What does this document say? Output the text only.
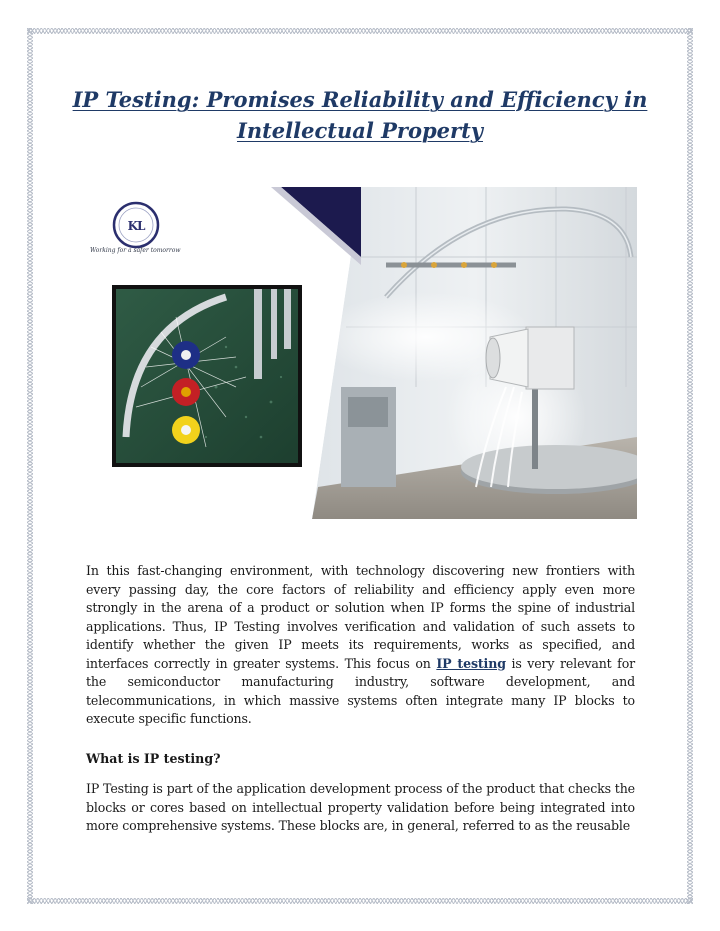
IP Testing: Promises Reliability and Efficiency in Intellectual Property
KL
Working for a safer tomorrow

In this fast-changing environment, with technology discovering new frontiers with every passing day, the core factors of reliability and efficiency apply even more strongly in the arena of a product or solution when IP forms the spine of industrial applications. Thus, IP Testing involves verification and validation of such assets to identify whether the given IP meets its requirements, works as specified, and interfaces correctly in greater systems. This focus on IP testing is very relevant for the semiconductor manufacturing industry, software development, and telecommunications, in which massive systems often integrate many IP blocks to execute specific functions.

What is IP testing?

IP Testing is part of the application development process of the product that checks the blocks or cores based on intellectual property validation before being integrated into more comprehensive systems. These blocks are, in general, referred to as the reusable
